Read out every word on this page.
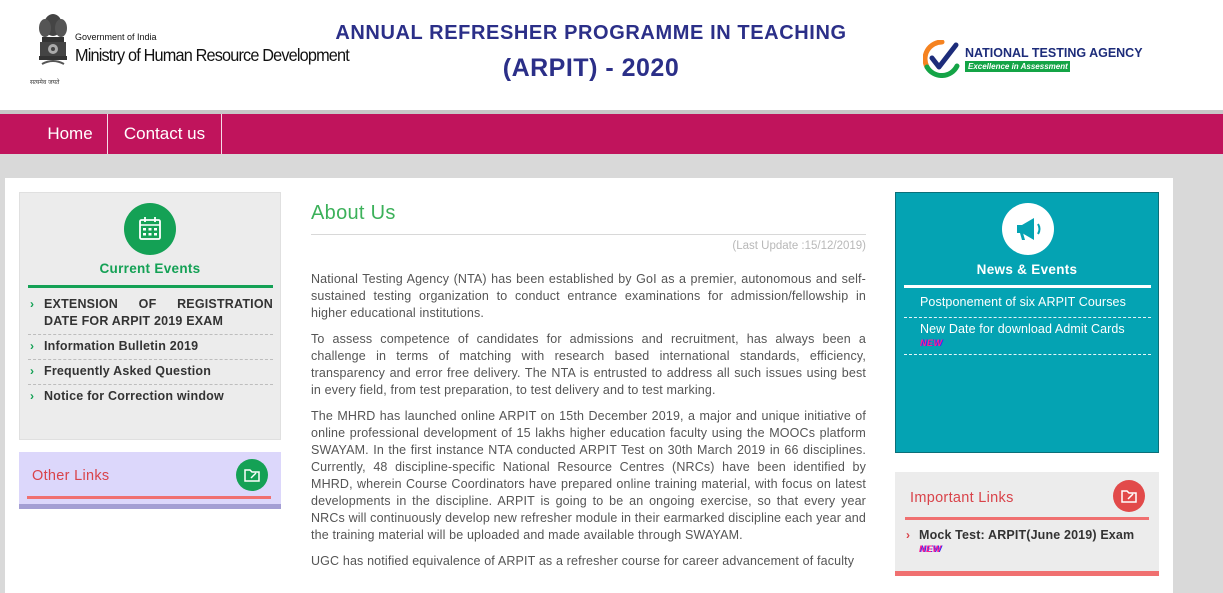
सत्यमेव जयते
Government of India
Ministry of Human Resource Development
ANNUAL REFRESHER PROGRAMME IN TEACHING
(ARPIT) - 2020
NATIONAL TESTING AGENCY
Excellence in Assessment
Home	Contact us
Current Events
› EXTENSION OF REGISTRATION DATE FOR ARPIT 2019 EXAM
› Information Bulletin 2019
› Frequently Asked Question
› Notice for Correction window
Other Links
About Us
(Last Update :15/12/2019)

National Testing Agency (NTA) has been established by GoI as a premier, autonomous and self-sustained testing organization to conduct entrance examinations for admission/fellowship in higher educational institutions.

To assess competence of candidates for admissions and recruitment, has always been a challenge in terms of matching with research based international standards, efficiency, transparency and error free delivery. The NTA is entrusted to address all such issues using best in every field, from test preparation, to test delivery and to test marking.

The MHRD has launched online ARPIT on 15th December 2019, a major and unique initiative of online professional development of 15 lakhs higher education faculty using the MOOCs platform SWAYAM. In the first instance NTA conducted ARPIT Test on 30th March 2019 in 66 disciplines. Currently, 48 discipline-specific National Resource Centres (NRCs) have been identified by MHRD, wherein Course Coordinators have prepared online training material, with focus on latest developments in the discipline. ARPIT is going to be an ongoing exercise, so that every year NRCs will continuously develop new refresher module in their earmarked discipline each year and the training material will be uploaded and made available through SWAYAM.

UGC has notified equivalence of ARPIT as a refresher course for career advancement of faculty

News & Events
Postponement of six ARPIT Courses
New Date for download Admit Cards
NEW
Important Links
› Mock Test: ARPIT(June 2019) Exam
NEW
